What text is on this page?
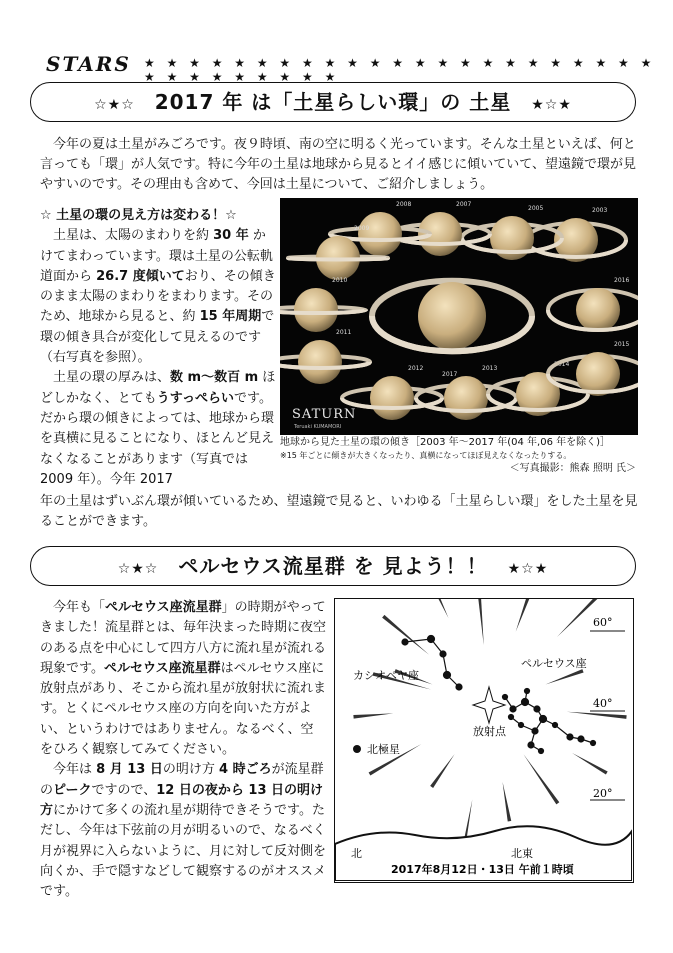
STARS ★ ★ ★ ★ ★ ★ ★ ★ ★ ★ ★ ★ ★ ★ ★ ★ ★ ★ ★ ★ ★ ★ ★ ★ ★ ★ ★ ★ ★ ★ ★ ★
☆★☆ 2017 年 は「土星らしい環」の 土星 ★☆★
今年の夏は土星がみごろです。夜９時頃、南の空に明るく光っています。そんな土星といえば、何と言っても「環」が人気です。特に今年の土星は地球から見るとイイ感じに傾いていて、望遠鏡で環が見やすいのです。その理由も含めて、今回は土星について、ご紹介しましょう。

☆ 土星の環の見え方は変わる！☆

土星は、太陽のまわりを約 30 年 かけてまわっています。環は土星の公転軌道面から 26.7 度傾いており、その傾きのまま太陽のまわりをまわります。そのため、地球から見ると、約 15 年周期で環の傾き具合が変化して見えるのです（右写真を参照）。

土星の環の厚みは、数 m～数百 m ほどしかなく、とてもうすっぺらいです。だから環の傾きによっては、地球から環を真横に見ることになり、ほとんど見えなくなることがあります（写真では 2009 年）。今年 2017

2003
2005
2007
2008
2009
2010
2011
2012	2013
2014
2015
2016
2017
SATURN
Teruaki KUMAMORI
地球から見た土星の環の傾き［2003 年～2017 年(04 年,06 年を除く)］
※15 年ごとに傾きが大きくなったり、真横になってほぼ見えなくなったりする。
＜写真撮影：熊森 照明 氏＞
年の土星はずいぶん環が傾いているため、望遠鏡で見ると、いわゆる「土星らしい環」をした土星を見ることができます。
☆★☆ ペルセウス流星群 を 見よう！！ ★☆★

今年も「ペルセウス座流星群」の時期がやってきました！流星群とは、毎年決まった時期に夜空のある点を中心にして四方八方に流れ星が流れる現象です。ペルセウス座流星群はペルセウス座に放射点があり、そこから流れ星が放射状に流れます。とくにペルセウス座の方向を向いた方がよい、というわけではありません。なるべく、空をひろく観察してみてください。

今年は 8 月 13 日の明け方 4 時ごろが流星群のピークですので、12 日の夜から 13 日の明け方にかけて多くの流れ星が期待できそうです。ただし、今年は下弦前の月が明るいので、なるべく月が視界に入らないように、月に対して反対側を向くか、手で隠すなどして観察するのがオススメです。

60°
40°
20°
カシオペヤ座
ペルセウス座
放射点
北極星
北	北東
2017年8月12日・13日 午前１時頃
